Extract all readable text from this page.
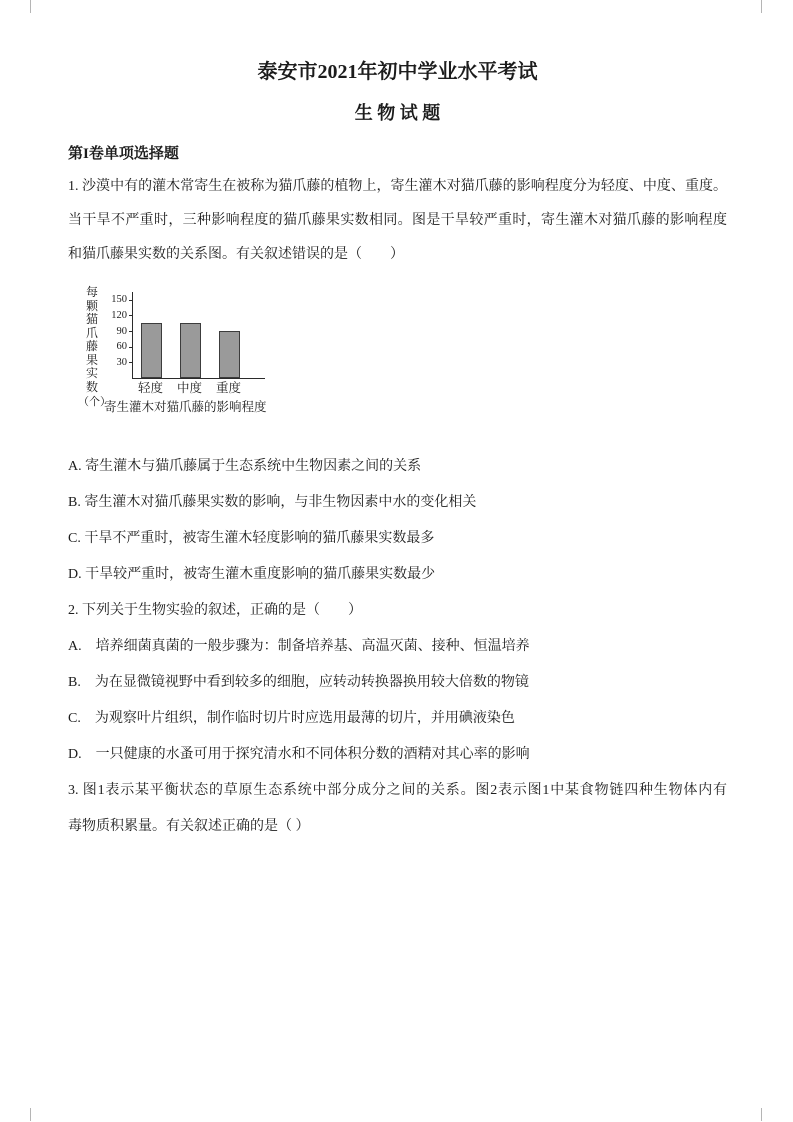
泰安市2021年初中学业水平考试
生 物 试 题
第I卷单项选择题

1. 沙漠中有的灌木常寄生在被称为猫爪藤的植物上，寄生灌木对猫爪藤的影响程度分为轻度、中度、重度。

当干旱不严重时，三种影响程度的猫爪藤果实数相同。图是干旱较严重时，寄生灌木对猫爪藤的影响程度

和猫爪藤果实数的关系图。有关叙述错误的是（　　）

每
颗
猫
爪
藤
果
实
数
（个）
150
120
90
60
30
轻度	中度	重度
寄生灌木对猫爪藤的影响程度

A. 寄生灌木与猫爪藤属于生态系统中生物因素之间的关系

B. 寄生灌木对猫爪藤果实数的影响，与非生物因素中水的变化相关

C. 干旱不严重时，被寄生灌木轻度影响的猫爪藤果实数最多

D. 干旱较严重时，被寄生灌木重度影响的猫爪藤果实数最少

2. 下列关于生物实验的叙述，正确的是（　　）

A.　培养细菌真菌的一般步骤为：制备培养基、高温灭菌、接种、恒温培养

B.　为在显微镜视野中看到较多的细胞，应转动转换器换用较大倍数的物镜

C.　为观察叶片组织，制作临时切片时应选用最薄的切片，并用碘液染色

D.　一只健康的水蚤可用于探究清水和不同体积分数的酒精对其心率的影响

3. 图1表示某平衡状态的草原生态系统中部分成分之间的关系。图2表示图1中某食物链四种生物体内有

毒物质积累量。有关叙述正确的是（ ）
